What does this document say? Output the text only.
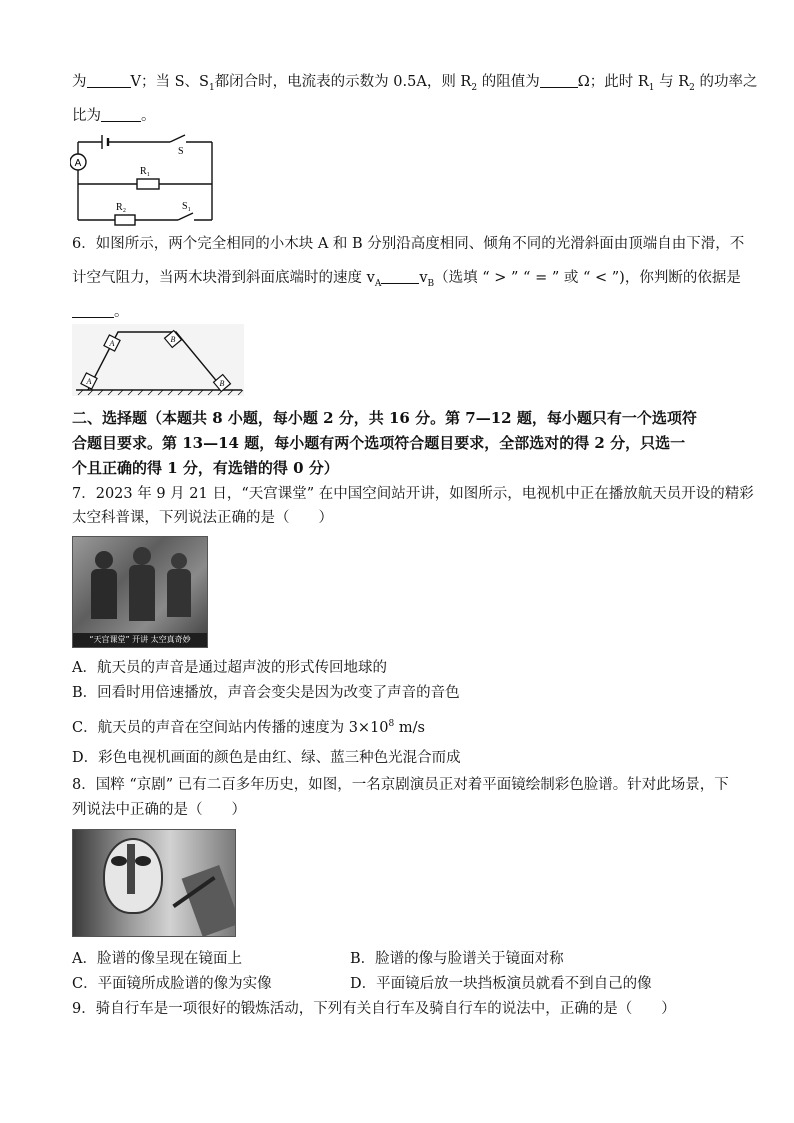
为	V；当 S、$S_1$都闭合时，电流表的示数为 0.5A，则 $R_2$ 的阻值为	Ω；此时 $R_1$ 与 $R_2$ 的功率之
比为	。
A
R₁
R₂
S
S₁
6．如图所示，两个完全相同的小木块 A 和 B 分别沿高度相同、倾角不同的光滑斜面由顶端自由下滑，不
计空气阻力，当两木块滑到斜面底端时的速度 $v_A$	$v_B$（选填 “ > ” “ = ” 或 “ < ”)，你判断的依据是
。
A
A
B
B
二、选择题（本题共 8 小题，每小题 2 分，共 16 分。第 7—12 题，每小题只有一个选项符
合题目要求。第 13—14 题，每小题有两个选项符合题目要求，全部选对的得 2 分，只选一
个且正确的得 1 分，有选错的得 0 分）
7．2023 年 9 月 21 日，“天宫课堂” 在中国空间站开讲，如图所示，电视机中正在播放航天员开设的精彩
太空科普课，下列说法正确的是（　　）
“天宫课堂” 开讲 太空真奇妙
A．航天员的声音是通过超声波的形式传回地球的
B．回看时用倍速播放，声音会变尖是因为改变了声音的音色
C．航天员的声音在空间站内传播的速度为 $3\times 10^8$ m/s
D．彩色电视机画面的颜色是由红、绿、蓝三种色光混合而成
8．国粹 “京剧” 已有二百多年历史，如图，一名京剧演员正对着平面镜绘制彩色脸谱。针对此场景，下
列说法中正确的是（　　）
A．脸谱的像呈现在镜面上	B．脸谱的像与脸谱关于镜面对称
C．平面镜所成脸谱的像为实像	D．平面镜后放一块挡板演员就看不到自己的像
9．骑自行车是一项很好的锻炼活动，下列有关自行车及骑自行车的说法中，正确的是（　　）
